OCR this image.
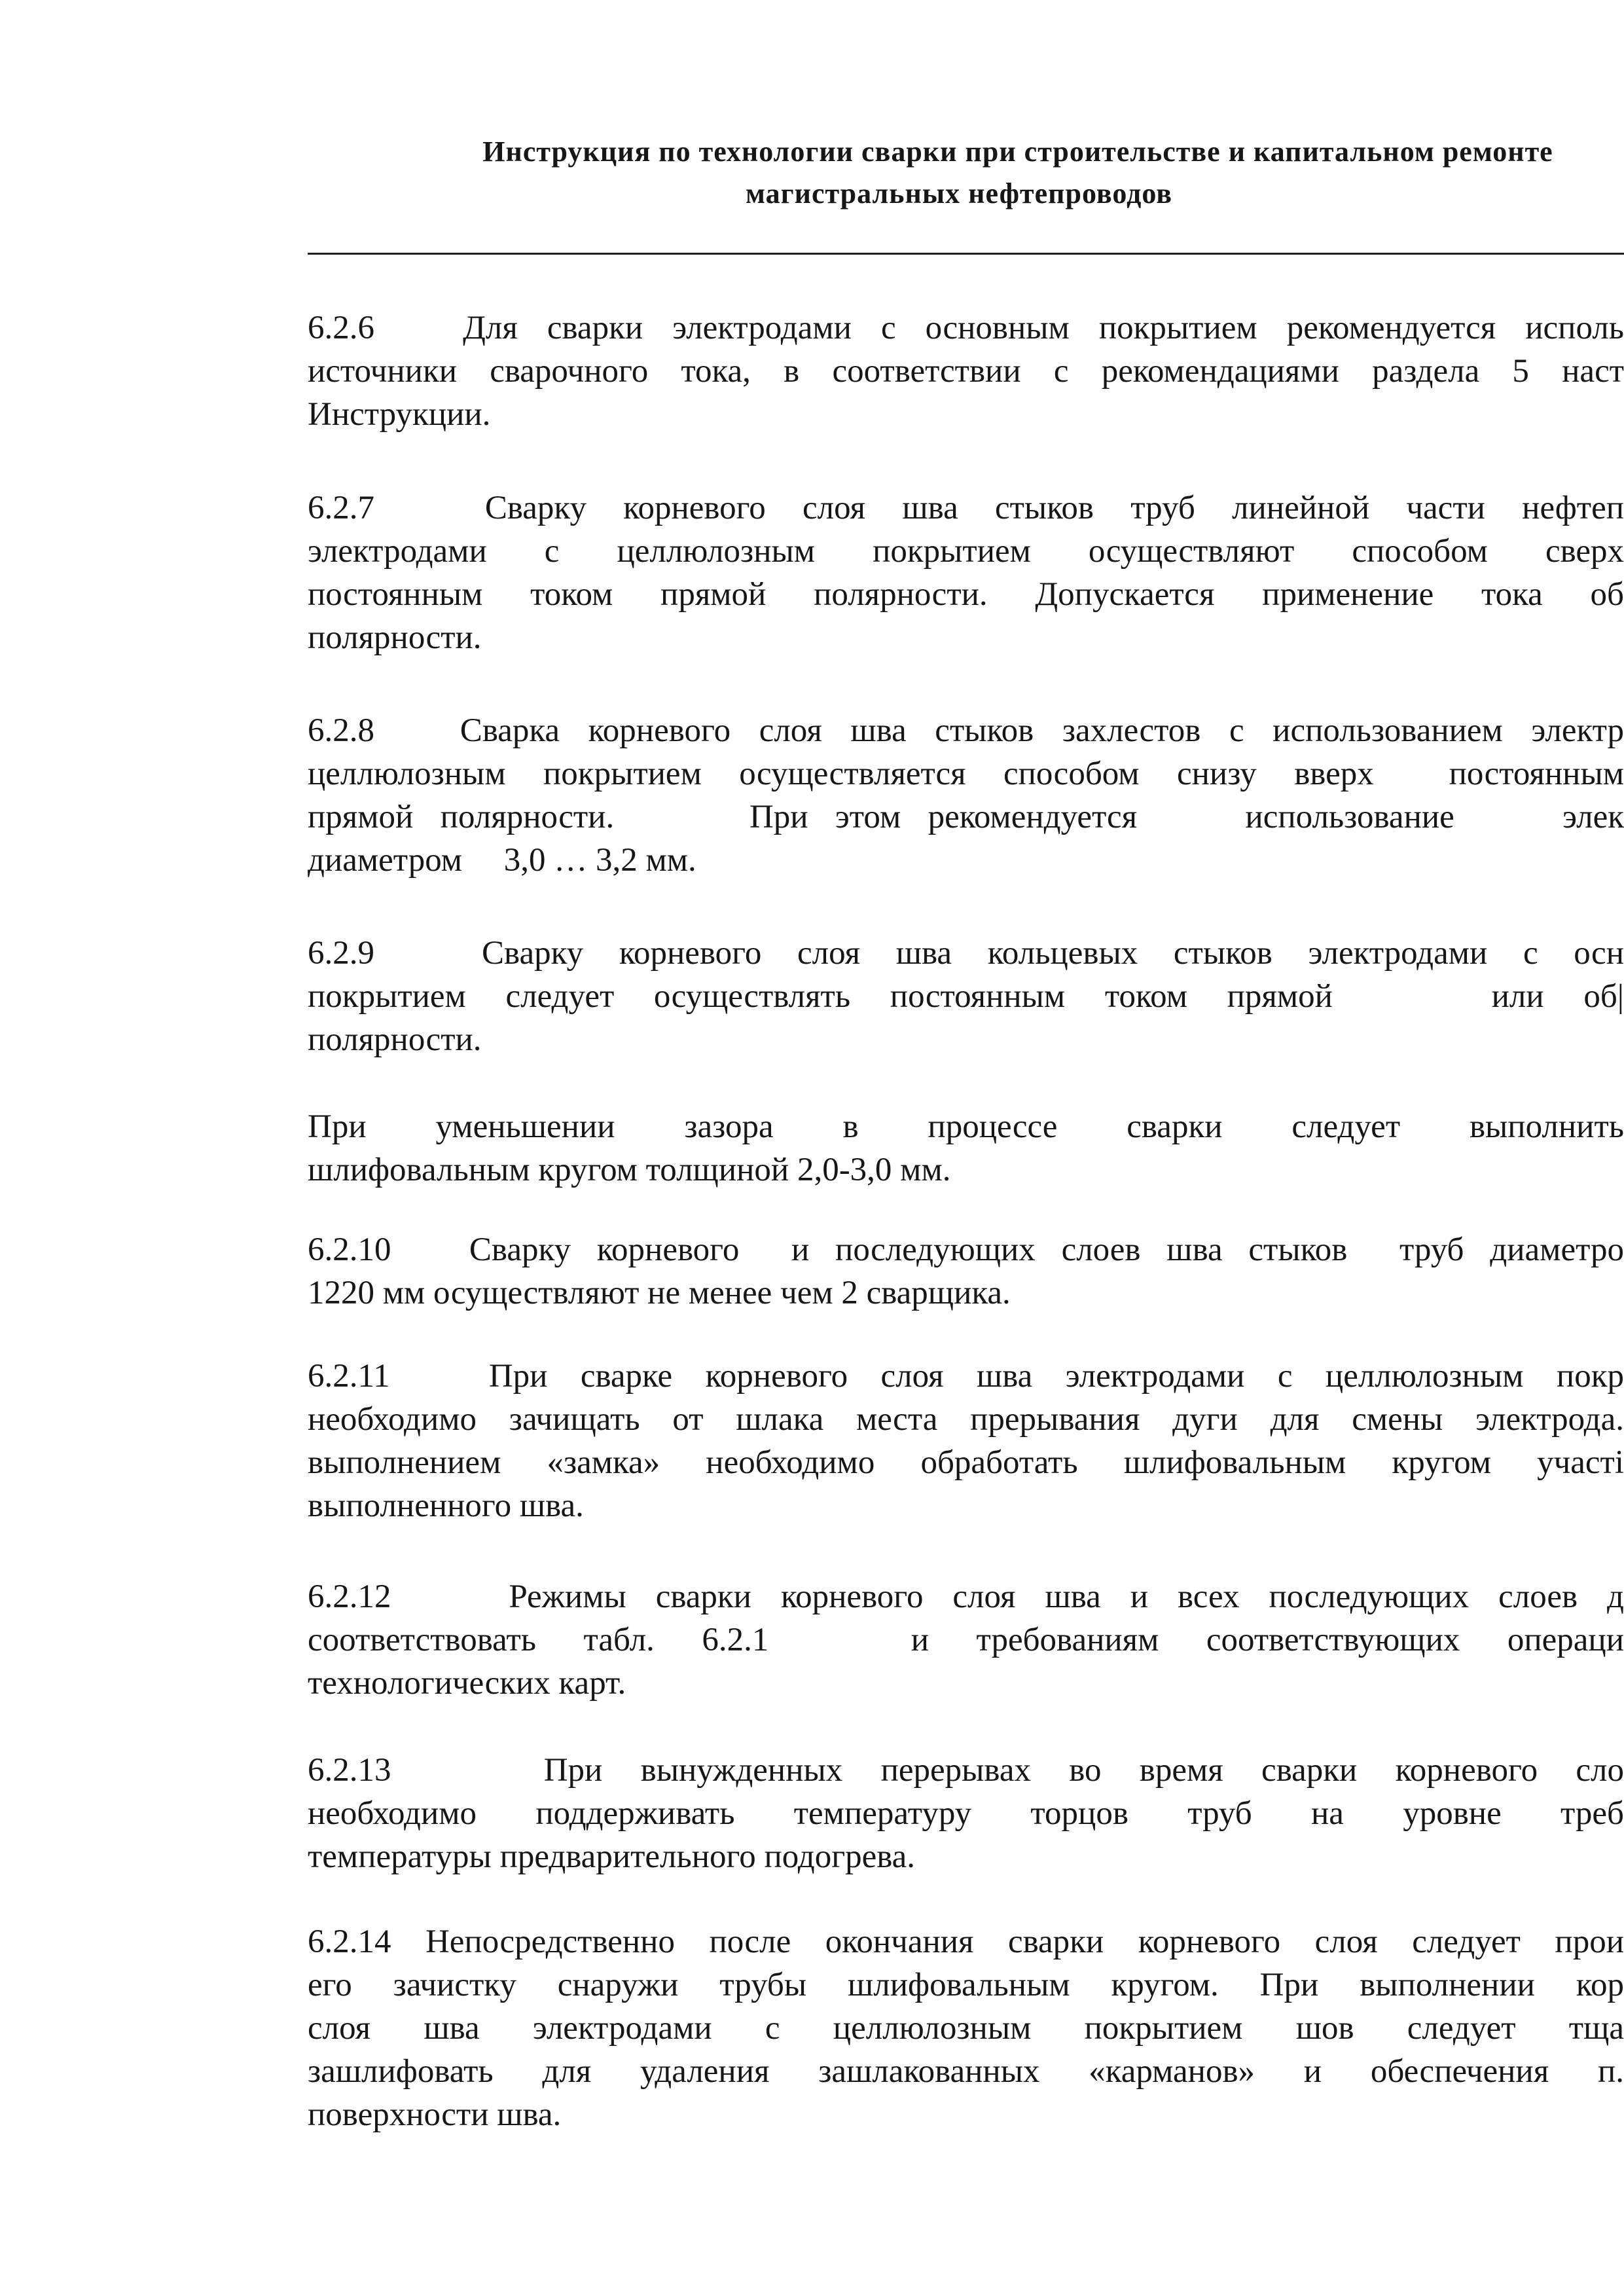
Инструкция по технологии сварки при строительстве и капитальном ремонте
магистральных нефтепроводов
6.2.6   Для сварки электродами с основным покрытием рекомендуется исполь
источники сварочного тока, в соответствии с рекомендациями раздела 5 наст
Инструкции.
6.2.7   Сварку корневого слоя шва стыков труб линейной части нефтеп
электродами с целлюлозным покрытием осуществляют способом сверх
постоянным током прямой полярности. Допускается применение тока об
полярности.
6.2.8   Сварка корневого слоя шва стыков захлестов с использованием электр
целлюлозным покрытием осуществляется способом снизу вверх  постоянным
прямой полярности.     При этом рекомендуется    использование    элек
диаметром     3,0 … 3,2 мм.
6.2.9   Сварку корневого слоя шва кольцевых стыков электродами с осн
покрытием следует осуществлять постоянным током прямой    или об|
полярности.
При  уменьшении  зазора  в  процессе  сварки  следует  выполнить
шлифовальным кругом толщиной 2,0-3,0 мм.
6.2.10   Сварку корневого  и последующих слоев шва стыков  труб диаметро
1220 мм осуществляют не менее чем 2 сварщика.
6.2.11   При сварке корневого слоя шва электродами с целлюлозным покр
необходимо зачищать от шлака места прерывания дуги для смены электрода.
выполнением «замка» необходимо обработать шлифовальным кругом участі
выполненного шва.
6.2.12    Режимы сварки корневого слоя шва и всех последующих слоев д
соответствовать табл. 6.2.1   и требованиям соответствующих операци
технологических карт.
6.2.13    При вынужденных перерывах во время сварки корневого сло
необходимо поддерживать температуру торцов труб на уровне треб
температуры предварительного подогрева.
6.2.14 Непосредственно после окончания сварки корневого слоя следует прои
его зачистку снаружи трубы шлифовальным кругом. При выполнении кор
слоя шва электродами с целлюлозным покрытием шов следует тща
зашлифовать для удаления зашлакованных «карманов» и обеспечения п.
поверхности шва.
